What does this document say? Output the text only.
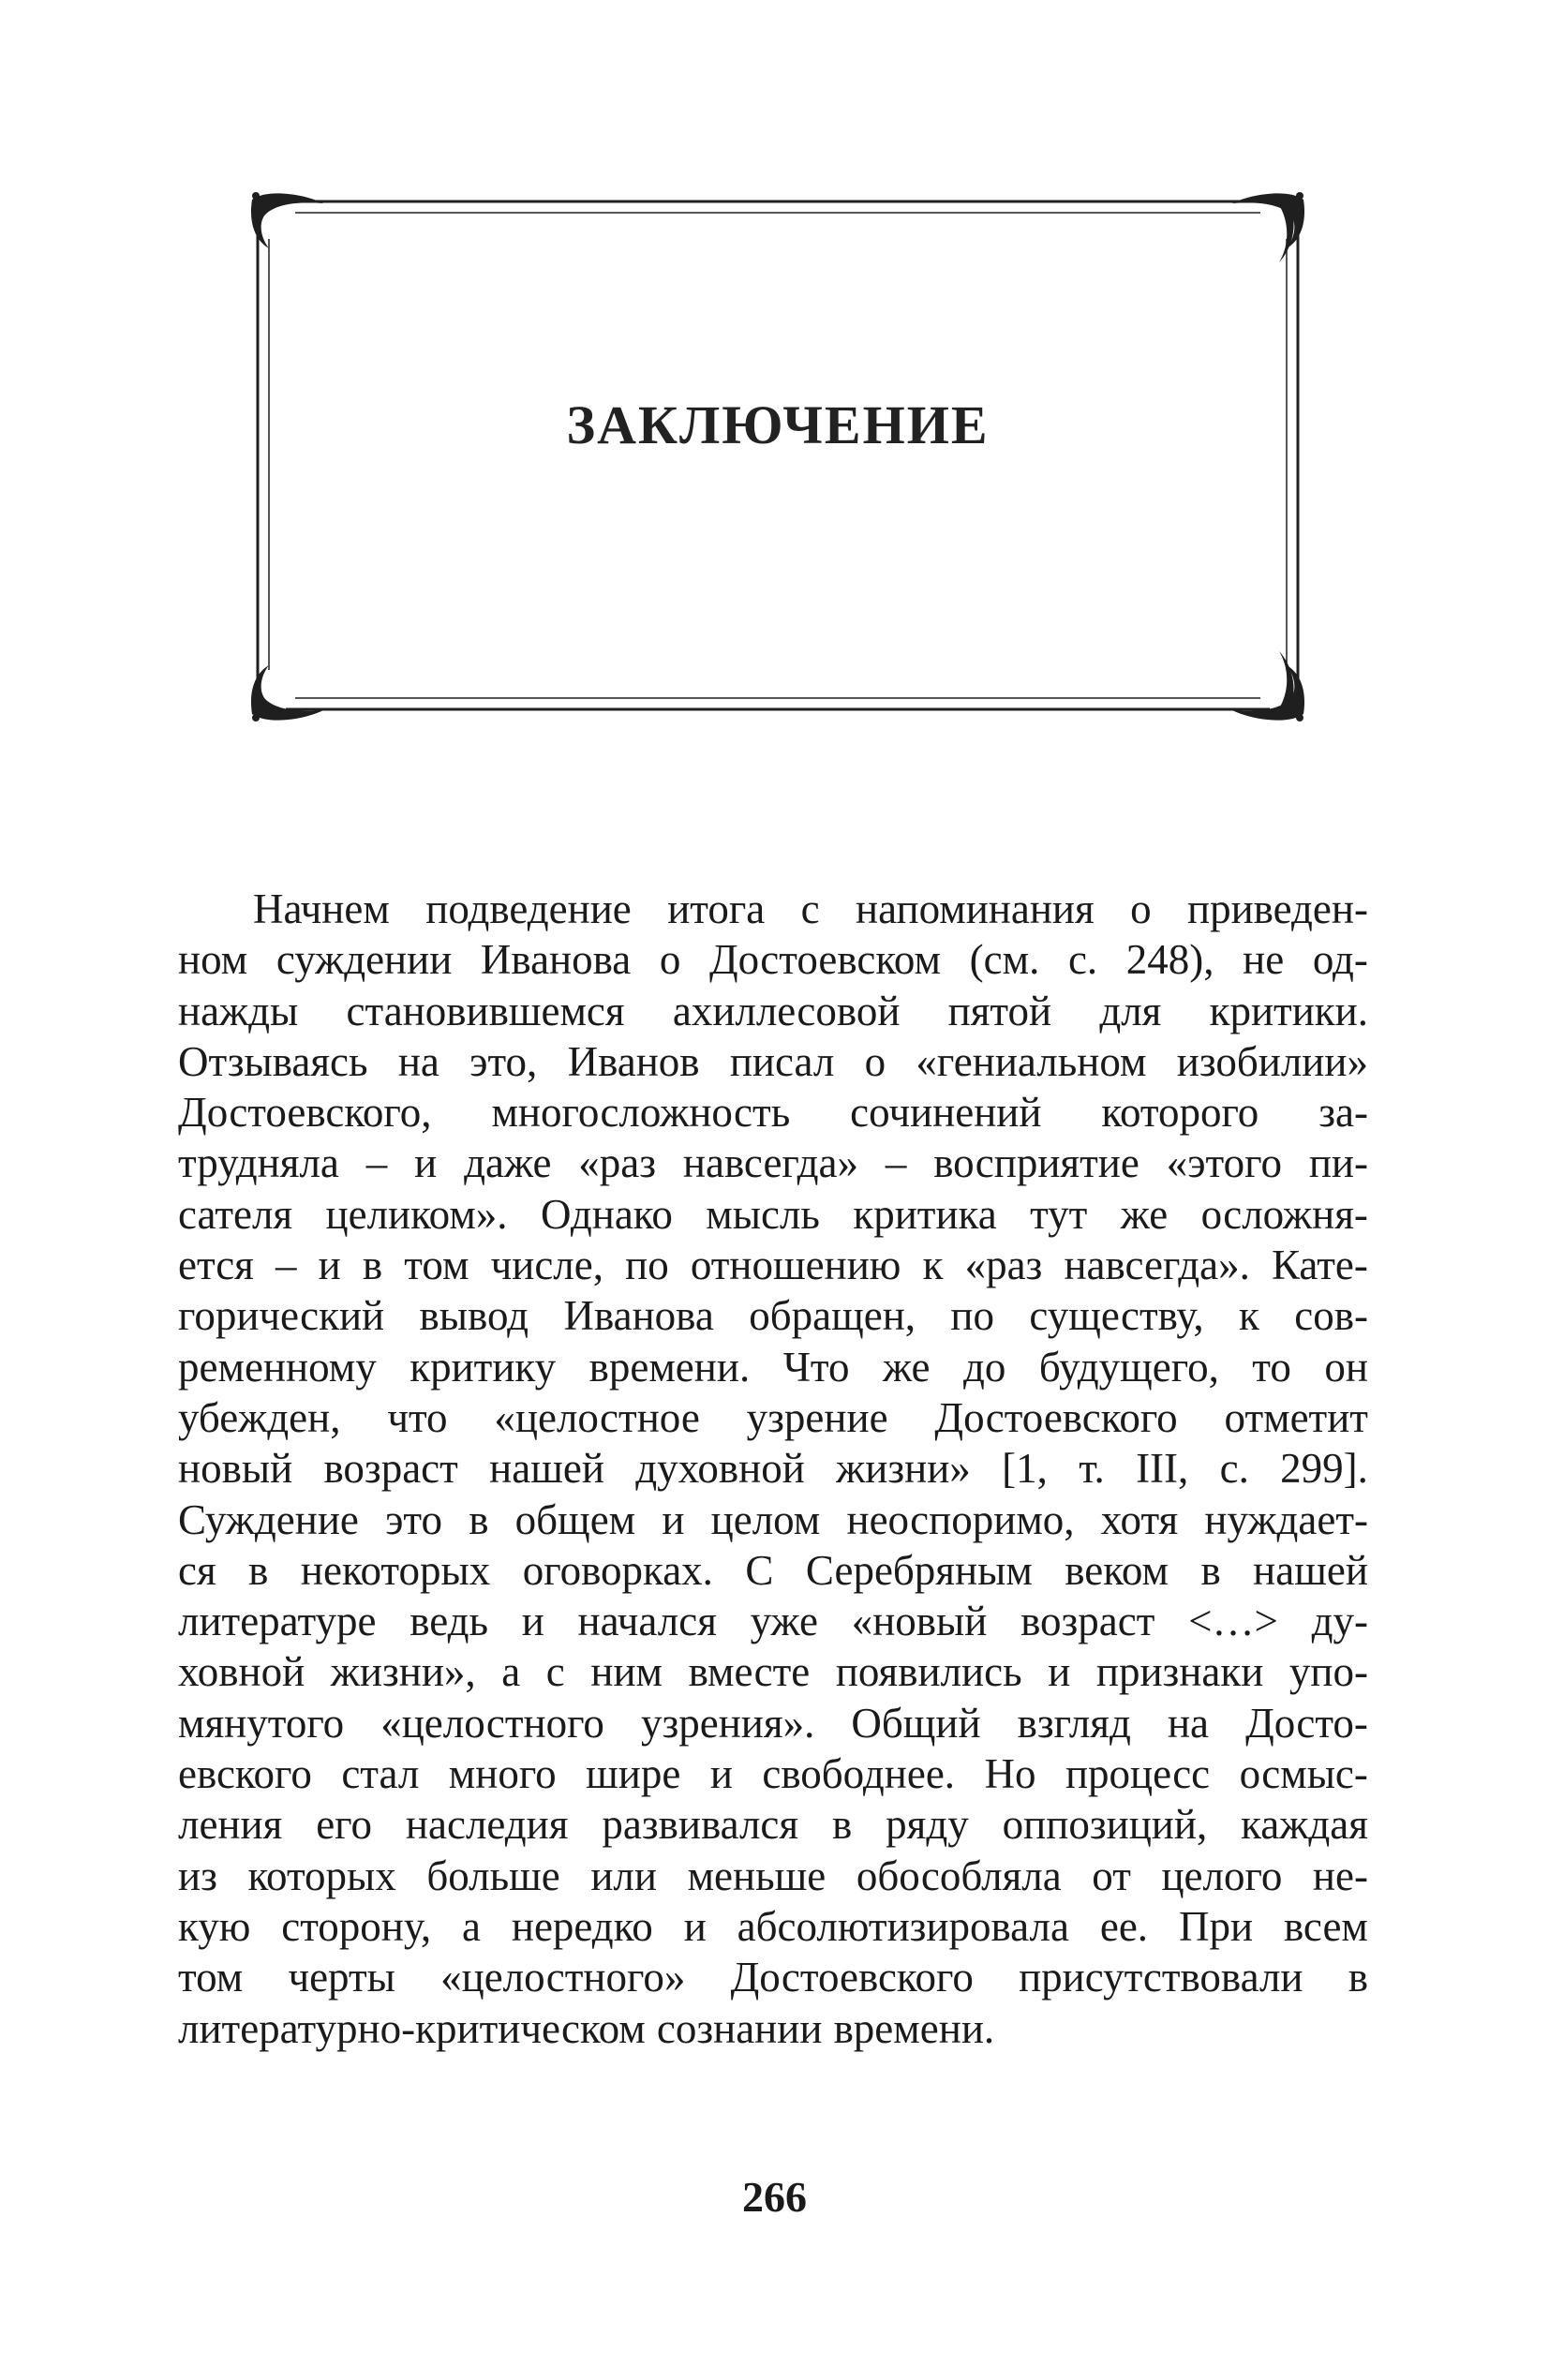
ЗАКЛЮЧЕНИЕ
Начнем подведение итога с напоминания о приведен-
ном суждении Иванова о Достоевском (см. с. 248), не од-
нажды становившемся ахиллесовой пятой для критики.
Отзываясь на это, Иванов писал о «гениальном изобилии»
Достоевского, многосложность сочинений которого за-
трудняла – и даже «раз навсегда» – восприятие «этого пи-
сателя целиком». Однако мысль критика тут же осложня-
ется – и в том числе, по отношению к «раз навсегда». Кате-
горический вывод Иванова обращен, по существу, к сов-
ременному критику времени. Что же до будущего, то он
убежден, что «целостное узрение Достоевского отметит
новый возраст нашей духовной жизни» [1, т. III, с. 299].
Суждение это в общем и целом неоспоримо, хотя нуждает-
ся в некоторых оговорках. С Серебряным веком в нашей
литературе ведь и начался уже «новый возраст <…> ду-
ховной жизни», а с ним вместе появились и признаки упо-
мянутого «целостного узрения». Общий взгляд на Досто-
евского стал много шире и свободнее. Но процесс осмыс-
ления его наследия развивался в ряду оппозиций, каждая
из которых больше или меньше обособляла от целого не-
кую сторону, а нередко и абсолютизировала ее. При всем
том черты «целостного» Достоевского присутствовали в
литературно-критическом сознании времени.
266
